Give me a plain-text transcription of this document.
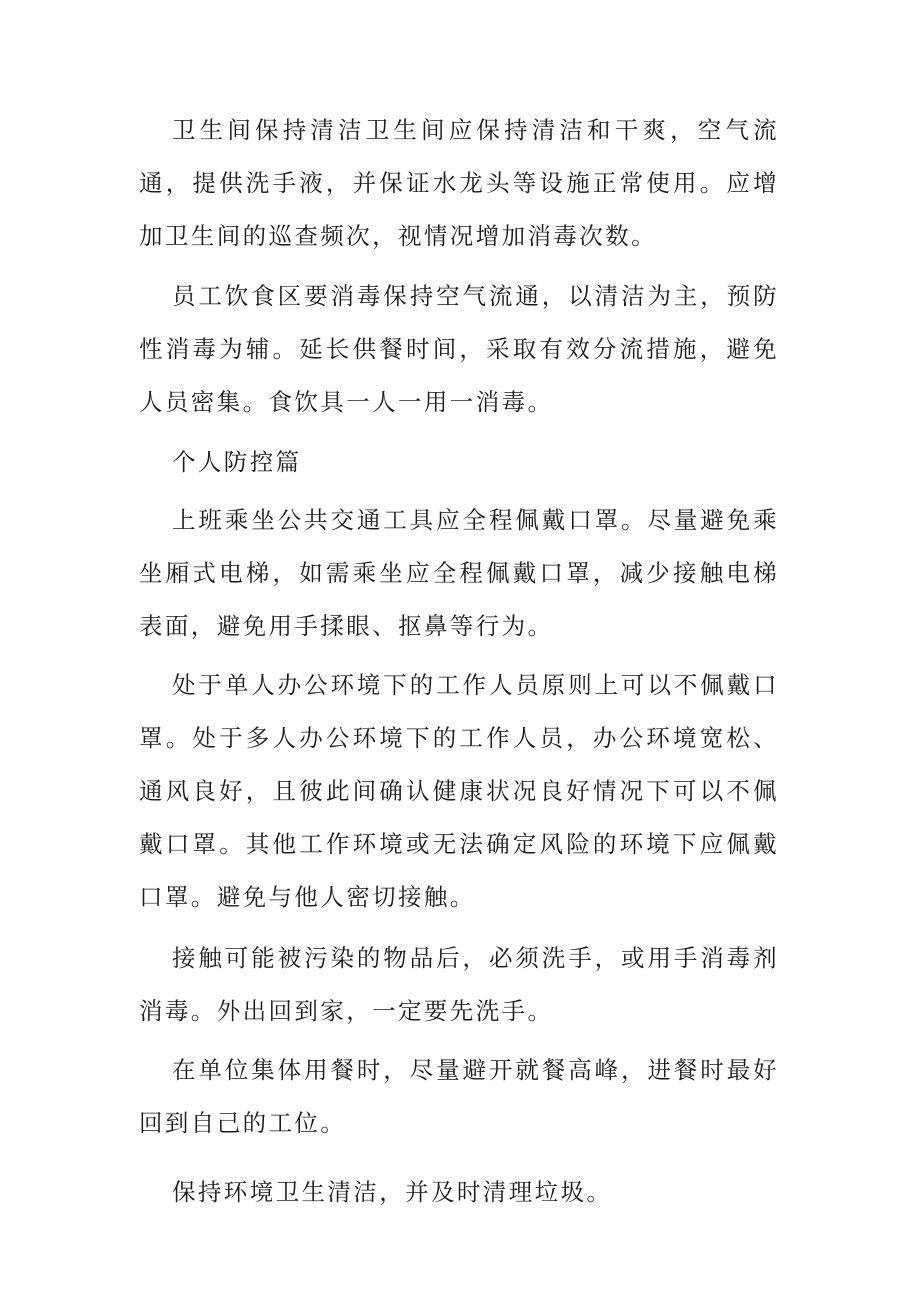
卫生间保持清洁卫生间应保持清洁和干爽，空气流通，提供洗手液，并保证水龙头等设施正常使用。应增加卫生间的巡查频次，视情况增加消毒次数。

员工饮食区要消毒保持空气流通，以清洁为主，预防性消毒为辅。延长供餐时间，采取有效分流措施，避免人员密集。食饮具一人一用一消毒。

个人防控篇

上班乘坐公共交通工具应全程佩戴口罩。尽量避免乘坐厢式电梯，如需乘坐应全程佩戴口罩，减少接触电梯表面，避免用手揉眼、抠鼻等行为。

处于单人办公环境下的工作人员原则上可以不佩戴口罩。处于多人办公环境下的工作人员，办公环境宽松、通风良好，且彼此间确认健康状况良好情况下可以不佩戴口罩。其他工作环境或无法确定风险的环境下应佩戴口罩。避免与他人密切接触。

接触可能被污染的物品后，必须洗手，或用手消毒剂消毒。外出回到家，一定要先洗手。

在单位集体用餐时，尽量避开就餐高峰，进餐时最好回到自己的工位。

保持环境卫生清洁，并及时清理垃圾。
